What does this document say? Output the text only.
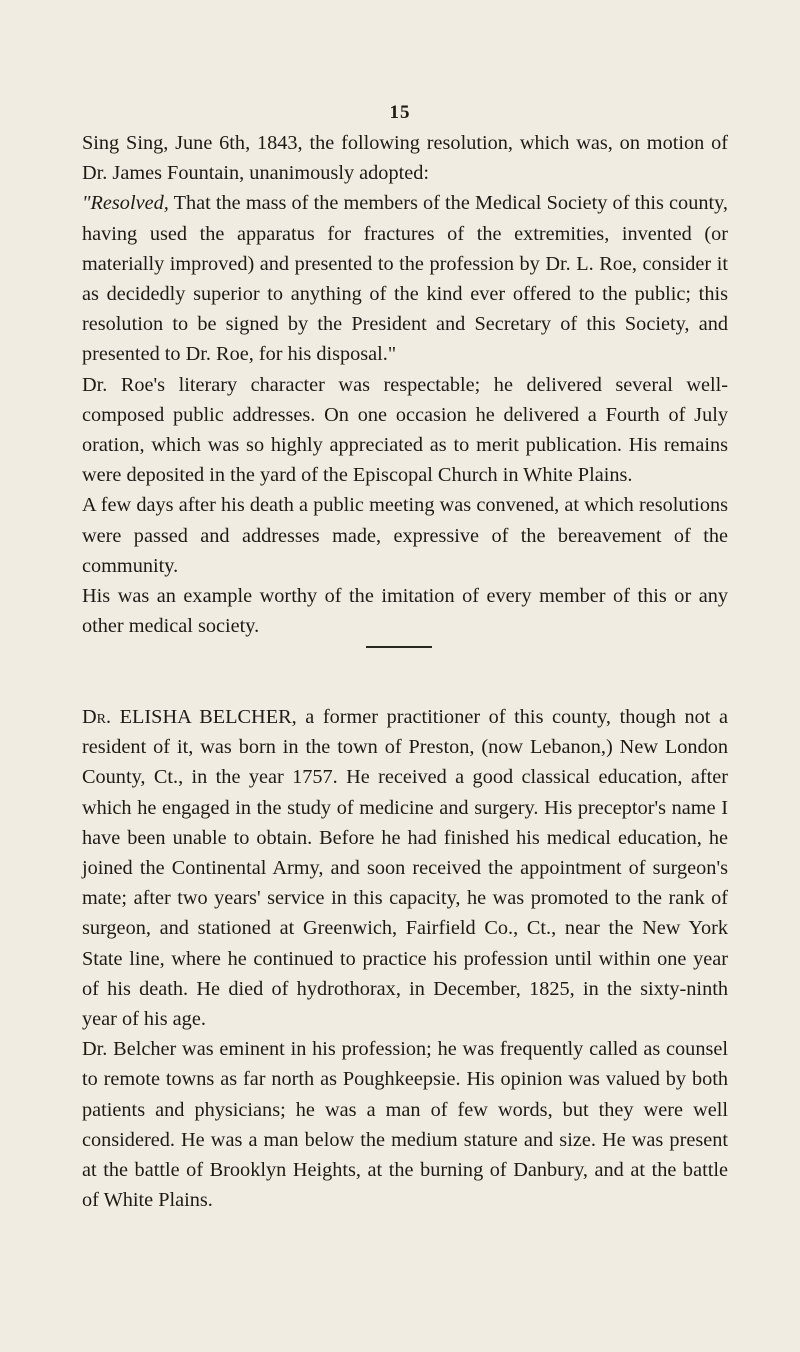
15

Sing Sing, June 6th, 1843, the following resolution, which was, on motion of Dr. James Fountain, unanimously adopted:

"Resolved, That the mass of the members of the Medical Society of this county, having used the apparatus for fractures of the extremities, invented (or materially improved) and presented to the profession by Dr. L. Roe, consider it as decidedly superior to anything of the kind ever offered to the public; this resolution to be signed by the President and Secretary of this Society, and presented to Dr. Roe, for his disposal."

Dr. Roe's literary character was respectable; he delivered several well-composed public addresses. On one occasion he delivered a Fourth of July oration, which was so highly appreciated as to merit publication. His remains were deposited in the yard of the Episcopal Church in White Plains.

A few days after his death a public meeting was convened, at which resolutions were passed and addresses made, expressive of the bereavement of the community.

His was an example worthy of the imitation of every member of this or any other medical society.

Dr. ELISHA BELCHER, a former practitioner of this county, though not a resident of it, was born in the town of Preston, (now Lebanon,) New London County, Ct., in the year 1757. He received a good classical education, after which he engaged in the study of medicine and surgery. His preceptor's name I have been unable to obtain. Before he had finished his medical education, he joined the Continental Army, and soon received the appointment of surgeon's mate; after two years' service in this capacity, he was promoted to the rank of surgeon, and stationed at Greenwich, Fairfield Co., Ct., near the New York State line, where he continued to practice his profession until within one year of his death. He died of hydrothorax, in December, 1825, in the sixty-ninth year of his age.

Dr. Belcher was eminent in his profession; he was frequently called as counsel to remote towns as far north as Poughkeepsie. His opinion was valued by both patients and physicians; he was a man of few words, but they were well considered. He was a man below the medium stature and size. He was present at the battle of Brooklyn Heights, at the burning of Danbury, and at the battle of White Plains.
